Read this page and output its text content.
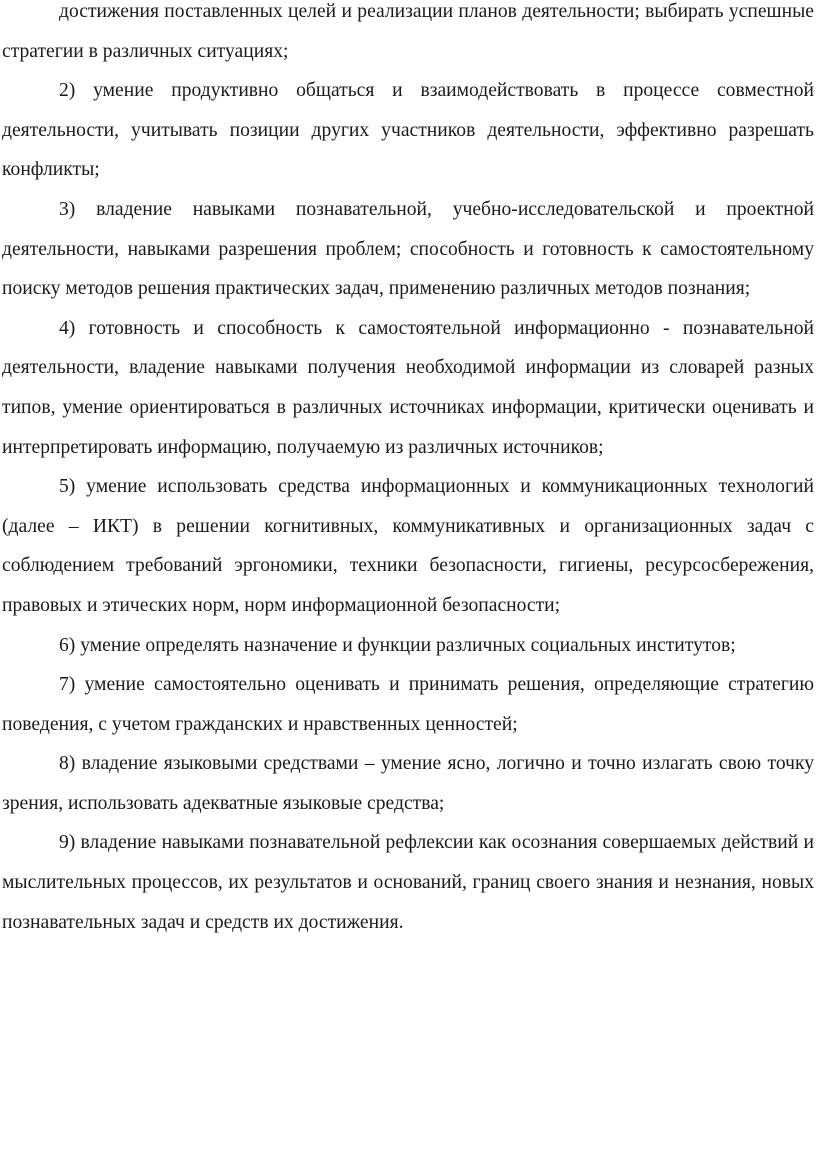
достижения поставленных целей и реализации планов деятельности; выбирать успешные стратегии в различных ситуациях;

2) умение продуктивно общаться и взаимодействовать в процессе совместной деятельности, учитывать позиции других участников деятельности, эффективно разрешать конфликты;

3) владение навыками познавательной, учебно-исследовательской и проектной деятельности, навыками разрешения проблем; способность и готовность к самостоятельному поиску методов решения практических задач, применению различных методов познания;

4) готовность и способность к самостоятельной информационно - познавательной деятельности, владение навыками получения необходимой информации из словарей разных типов, умение ориентироваться в различных источниках информации, критически оценивать и интерпретировать информацию, получаемую из различных источников;

5) умение использовать средства информационных и коммуникационных технологий (далее – ИКТ) в решении когнитивных, коммуникативных и организационных задач с соблюдением требований эргономики, техники безопасности, гигиены, ресурсосбережения, правовых и этических норм, норм информационной безопасности;

6) умение определять назначение и функции различных социальных институтов;

7) умение самостоятельно оценивать и принимать решения, определяющие стратегию поведения, с учетом гражданских и нравственных ценностей;

8) владение языковыми средствами – умение ясно, логично и точно излагать свою точку зрения, использовать адекватные языковые средства;

9) владение навыками познавательной рефлексии как осознания совершаемых действий и мыслительных процессов, их результатов и оснований, границ своего знания и незнания, новых познавательных задач и средств их достижения.
